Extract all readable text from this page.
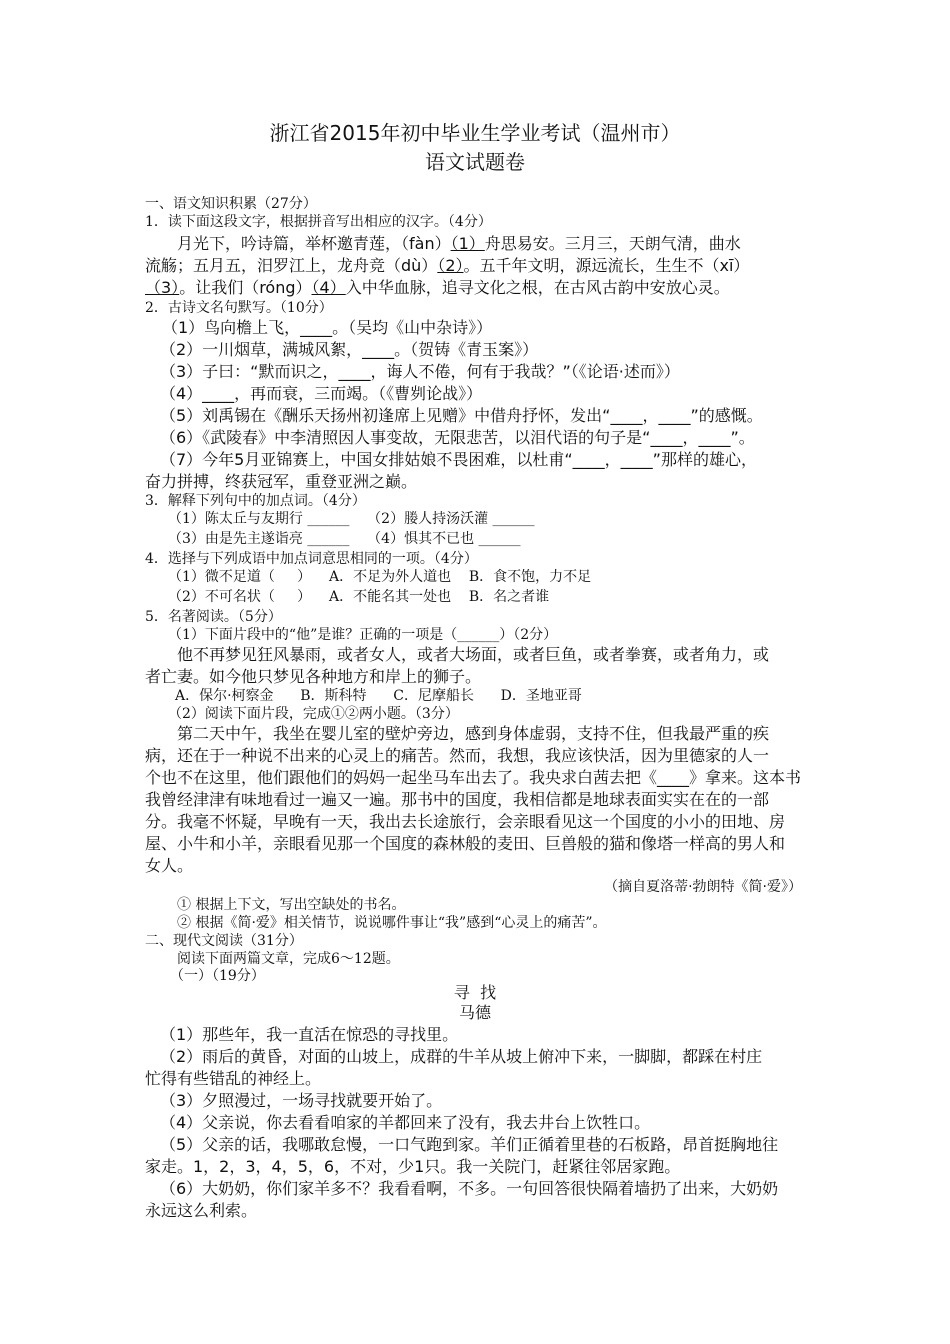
浙江省2015年初中毕业生学业考试（温州市）
语文试题卷
一、语文知识积累（27分）
1．读下面这段文字，根据拼音写出相应的汉字。（4分）
月光下，吟诗篇，举杯邀青莲，（fàn）（1）舟思易安。三月三，天朗气清，曲水
流觞；五月五，汨罗江上，龙舟竞（dù）（2）。五千年文明，源远流长，生生不（xī）
（3）。让我们（róng）（4）入中华血脉，追寻文化之根，在古风古韵中安放心灵。
2．古诗文名句默写。（10分）
（1）鸟向檐上飞，____。（吴均《山中杂诗》）
（2）一川烟草，满城风絮，____。（贺铸《青玉案》）
（3）子曰：“默而识之，____，诲人不倦，何有于我哉？”（《论语·述而》）
（4）____，再而衰，三而竭。（《曹刿论战》）
（5）刘禹锡在《酬乐天扬州初逢席上见赠》中借舟抒怀，发出“____，____”的感慨。
（6）《武陵春》中李清照因人事变故，无限悲苦，以泪代语的句子是“____，____”。
（7）今年5月亚锦赛上，中国女排姑娘不畏困难，以杜甫“____，____”那样的雄心，
奋力拼搏，终获冠军，重登亚洲之巅。
3．解释下列句中的加点词。（4分）
（1）陈太丘与友期行 ______    （2）媵人持汤沃灌 ______
（3）由是先主遂诣亮 ______    （4）惧其不已也 ______
4．选择与下列成语中加点词意思相同的一项。（4分）
（1）微不足道（     ）    A．不足为外人道也    B．食不饱，力不足
（2）不可名状（     ）    A．不能名其一处也    B．名之者谁
5．名著阅读。（5分）
（1）下面片段中的“他”是谁？正确的一项是（______）（2分）
他不再梦见狂风暴雨，或者女人，或者大场面，或者巨鱼，或者拳赛，或者角力，或
者亡妻。如今他只梦见各种地方和岸上的狮子。
A．保尔·柯察金      B．斯科特      C．尼摩船长      D．圣地亚哥
（2）阅读下面片段，完成①②两小题。（3分）
第二天中午，我坐在婴儿室的壁炉旁边，感到身体虚弱，支持不住，但我最严重的疾
病，还在于一种说不出来的心灵上的痛苦。然而，我想，我应该快活，因为里德家的人一
个也不在这里，他们跟他们的妈妈一起坐马车出去了。我央求白茜去把《____》拿来。这本书
我曾经津津有味地看过一遍又一遍。那书中的国度，我相信都是地球表面实实在在的一部
分。我毫不怀疑，早晚有一天，我出去长途旅行，会亲眼看见这一个国度的小小的田地、房
屋、小牛和小羊，亲眼看见那一个国度的森林般的麦田、巨兽般的猫和像塔一样高的男人和
女人。
（摘自夏洛蒂·勃朗特《简·爱》）
① 根据上下文，写出空缺处的书名。
② 根据《简·爱》相关情节，说说哪件事让“我”感到“心灵上的痛苦”。
二、现代文阅读（31分）
阅读下面两篇文章，完成6～12题。
（一）（19分）
寻  找
马德
（1）那些年，我一直活在惊恐的寻找里。
（2）雨后的黄昏，对面的山坡上，成群的牛羊从坡上俯冲下来，一脚脚，都踩在村庄
忙得有些错乱的神经上。
（3）夕照漫过，一场寻找就要开始了。
（4）父亲说，你去看看咱家的羊都回来了没有，我去井台上饮牲口。
（5）父亲的话，我哪敢怠慢，一口气跑到家。羊们正循着里巷的石板路，昂首挺胸地往
家走。1，2，3，4，5，6，不对，少1只。我一关院门，赶紧往邻居家跑。
（6）大奶奶，你们家羊多不？我看看啊，不多。一句回答很快隔着墙扔了出来，大奶奶
永远这么利索。
